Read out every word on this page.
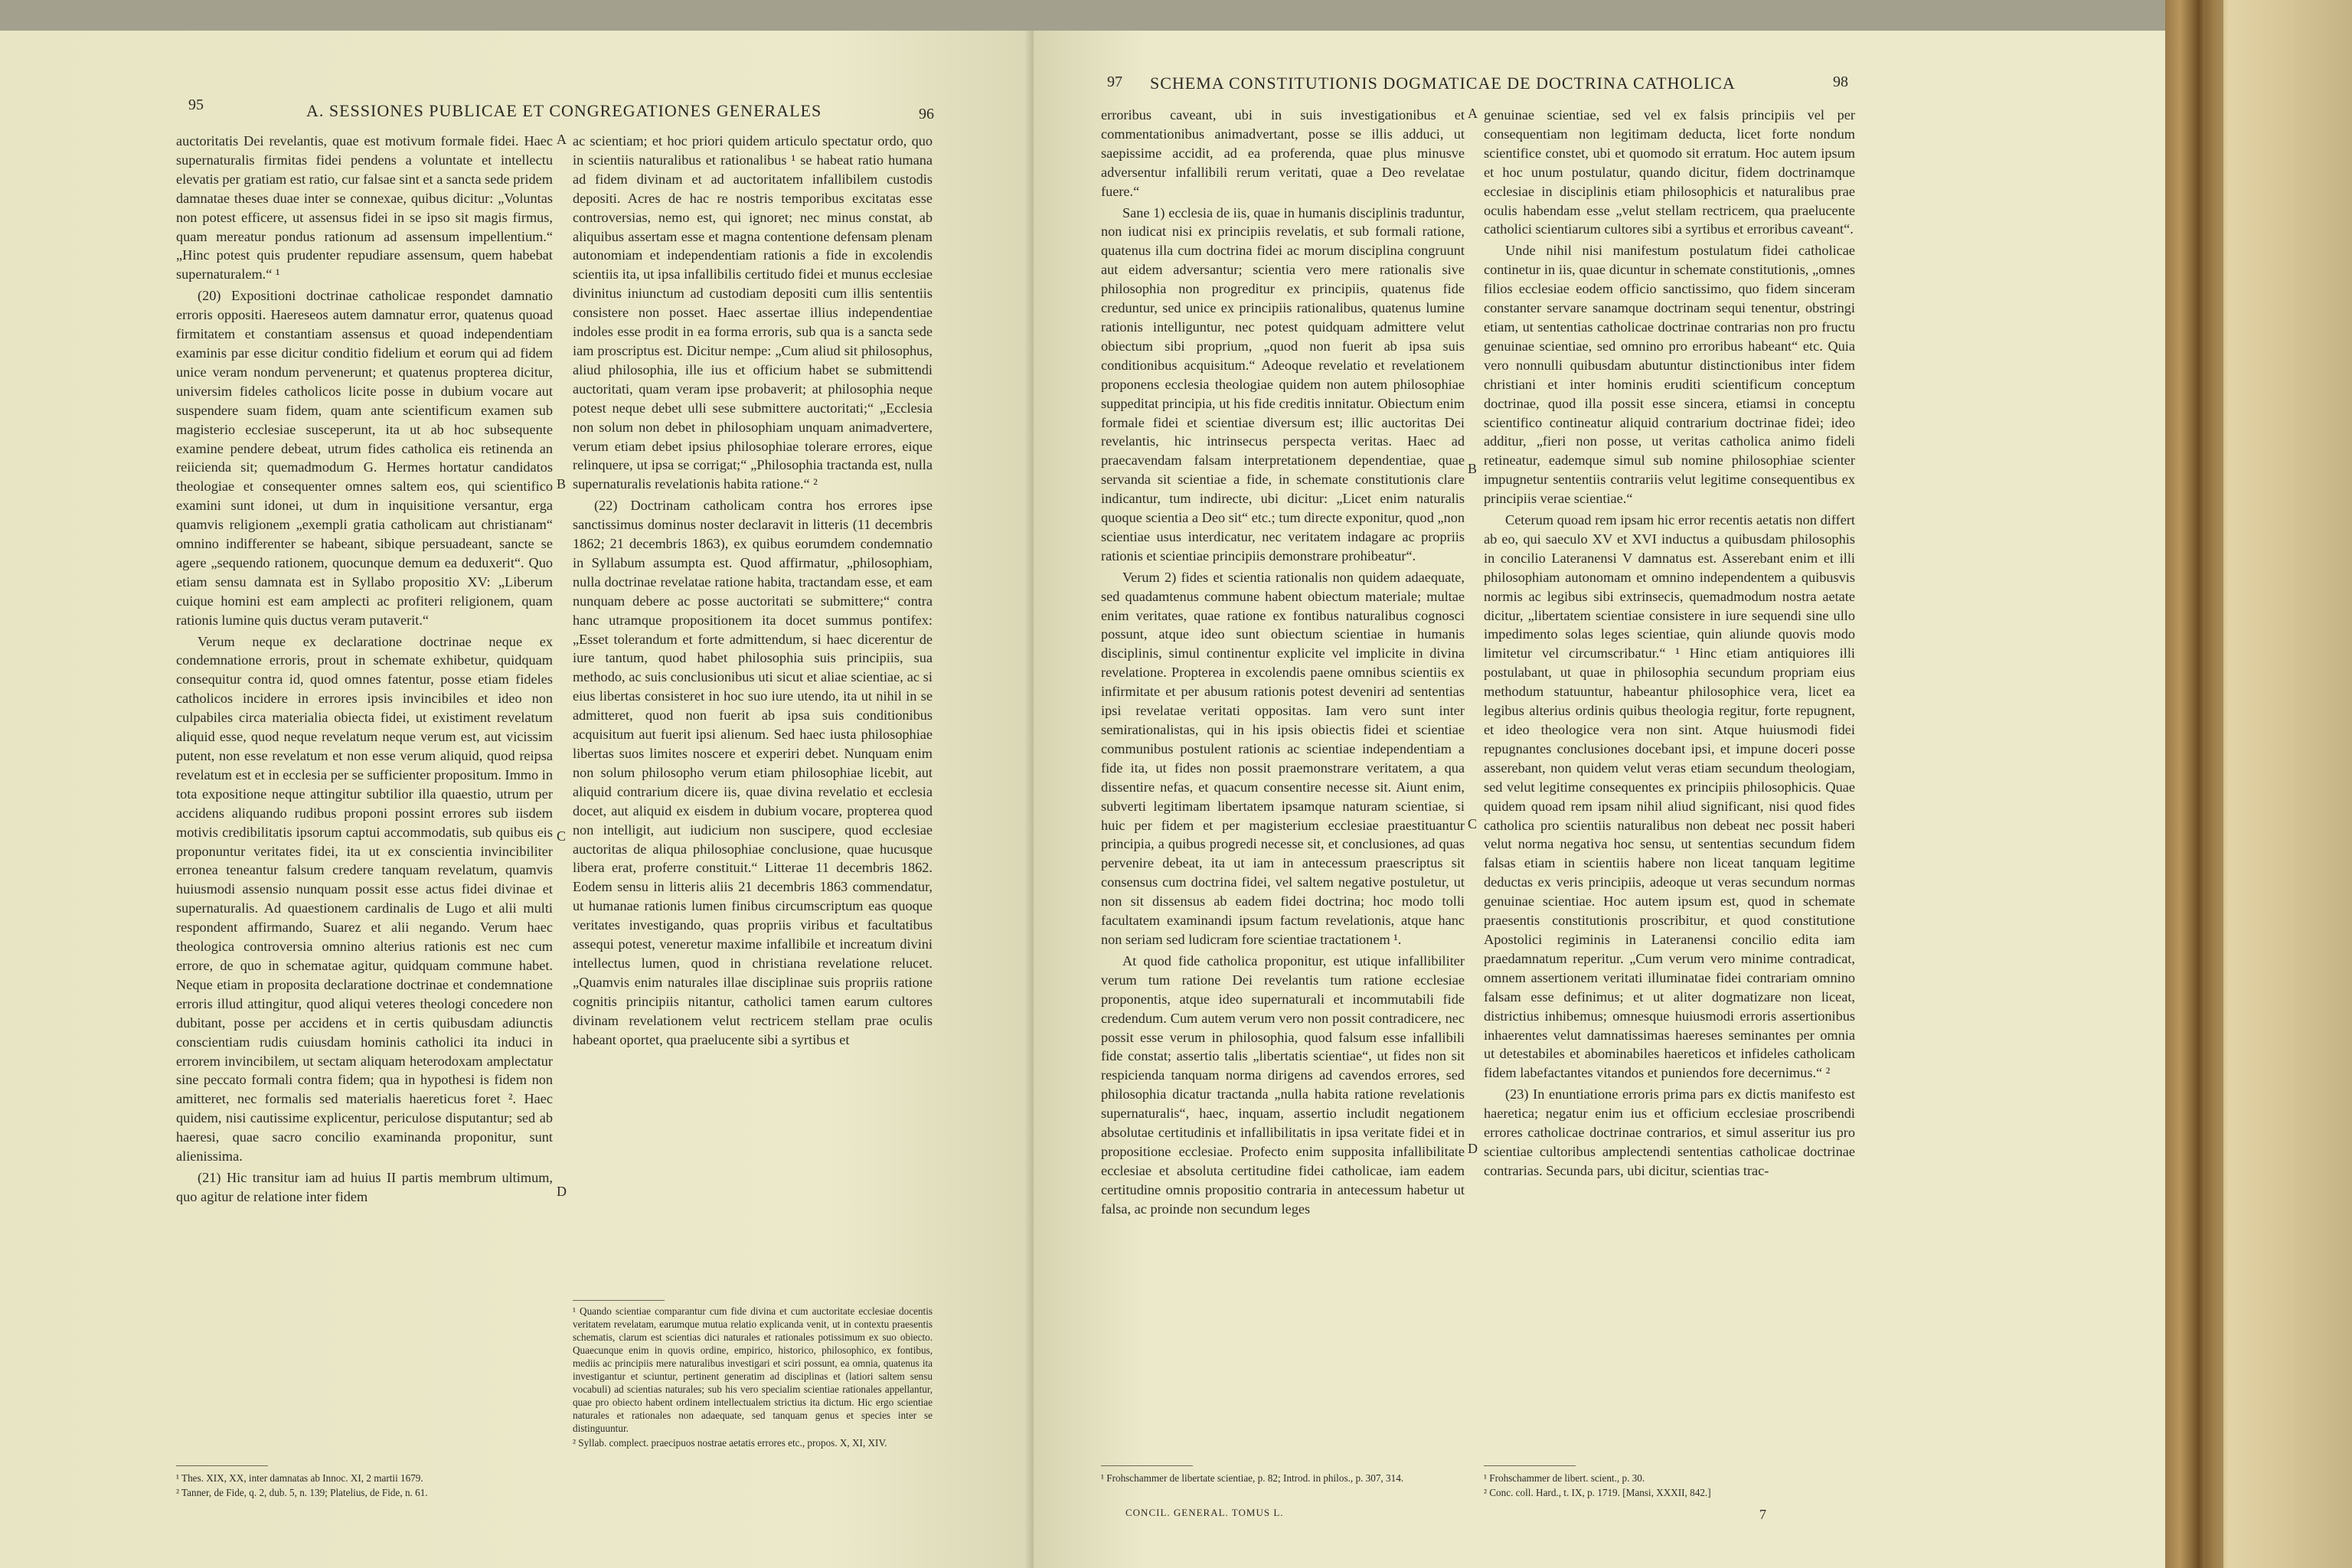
95	A. SESSIONES PUBLICAE ET CONGREGATIONES GENERALES	96

auctoritatis Dei revelantis, quae est motivum formale fidei. Haec supernaturalis firmitas fidei pendens a voluntate et intellectu elevatis per gratiam est ratio, cur falsae sint et a sancta sede pridem damnatae theses duae inter se connexae, quibus dicitur: „Voluntas non potest efficere, ut assensus fidei in se ipso sit magis firmus, quam mereatur pondus rationum ad assensum impellentium.“ „Hinc potest quis prudenter repudiare assensum, quem habebat supernaturalem.“ ¹

(20) Expositioni doctrinae catholicae respondet damnatio erroris oppositi. Haereseos autem damnatur error, quatenus quoad firmitatem et constantiam assensus et quoad independentiam examinis par esse dicitur conditio fidelium et eorum qui ad fidem unice veram nondum pervenerunt; et quatenus propterea dicitur, universim fideles catholicos licite posse in dubium vocare aut suspendere suam fidem, quam ante scientificum examen sub magisterio ecclesiae susceperunt, ita ut ab hoc subsequente examine pendere debeat, utrum fides catholica eis retinenda an reiicienda sit; quemadmodum G. Hermes hortatur candidatos theologiae et consequenter omnes saltem eos, qui scientifico examini sunt idonei, ut dum in inquisitione versantur, erga quamvis religionem „exempli gratia catholicam aut christianam“ omnino indifferenter se habeant, sibique persuadeant, sancte se agere „sequendo rationem, quocunque demum ea deduxerit“. Quo etiam sensu damnata est in Syllabo propositio XV: „Liberum cuique homini est eam amplecti ac profiteri religionem, quam rationis lumine quis ductus veram putaverit.“

Verum neque ex declaratione doctrinae neque ex condemnatione erroris, prout in schemate exhibetur, quidquam consequitur contra id, quod omnes fatentur, posse etiam fideles catholicos incidere in errores ipsis invincibiles et ideo non culpabiles circa materialia obiecta fidei, ut existiment revelatum aliquid esse, quod neque revelatum neque verum est, aut vicissim putent, non esse revelatum et non esse verum aliquid, quod reipsa revelatum est et in ecclesia per se sufficienter propositum. Immo in tota expositione neque attingitur subtilior illa quaestio, utrum per accidens aliquando rudibus proponi possint errores sub iisdem motivis credibilitatis ipsorum captui accommodatis, sub quibus eis proponuntur veritates fidei, ita ut ex conscientia invincibiliter erronea teneantur falsum credere tanquam revelatum, quamvis huiusmodi assensio nunquam possit esse actus fidei divinae et supernaturalis. Ad quaestionem cardinalis de Lugo et alii multi respondent affirmando, Suarez et alii negando. Verum haec theologica controversia omnino alterius rationis est nec cum errore, de quo in schematae agitur, quidquam commune habet. Neque etiam in proposita declaratione doctrinae et condemnatione erroris illud attingitur, quod aliqui veteres theologi concedere non dubitant, posse per accidens et in certis quibusdam adiunctis conscientiam rudis cuiusdam hominis catholici ita induci in errorem invincibilem, ut sectam aliquam heterodoxam amplectatur sine peccato formali contra fidem; qua in hypothesi is fidem non amitteret, nec formalis sed materialis haereticus foret ². Haec quidem, nisi cautissime explicentur, periculose disputantur; sed ab haeresi, quae sacro concilio examinanda proponitur, sunt alienissima.

(21) Hic transitur iam ad huius II partis membrum ultimum, quo agitur de relatione inter fidem

ac scientiam; et hoc priori quidem articulo spectatur ordo, quo in scientiis naturalibus et rationalibus ¹ se habeat ratio humana ad fidem divinam et ad auctoritatem infallibilem custodis depositi. Acres de hac re nostris temporibus excitatas esse controversias, nemo est, qui ignoret; nec minus constat, ab aliquibus assertam esse et magna contentione defensam plenam autonomiam et independentiam rationis a fide in excolendis scientiis ita, ut ipsa infallibilis certitudo fidei et munus ecclesiae divinitus iniunctum ad custodiam depositi cum illis sententiis consistere non posset. Haec assertae illius independentiae indoles esse prodit in ea forma erroris, sub qua is a sancta sede iam proscriptus est. Dicitur nempe: „Cum aliud sit philosophus, aliud philosophia, ille ius et officium habet se submittendi auctoritati, quam veram ipse probaverit; at philosophia neque potest neque debet ulli sese submittere auctoritati;“ „Ecclesia non solum non debet in philosophiam unquam animadvertere, verum etiam debet ipsius philosophiae tolerare errores, eique relinquere, ut ipsa se corrigat;“ „Philosophia tractanda est, nulla supernaturalis revelationis habita ratione.“ ²

(22) Doctrinam catholicam contra hos errores ipse sanctissimus dominus noster declaravit in litteris (11 decembris 1862; 21 decembris 1863), ex quibus eorumdem condemnatio in Syllabum assumpta est. Quod affirmatur, „philosophiam, nulla doctrinae revelatae ratione habita, tractandam esse, et eam nunquam debere ac posse auctoritati se submittere;“ contra hanc utramque propositionem ita docet summus pontifex: „Esset tolerandum et forte admittendum, si haec dicerentur de iure tantum, quod habet philosophia suis principiis, sua methodo, ac suis conclusionibus uti sicut et aliae scientiae, ac si eius libertas consisteret in hoc suo iure utendo, ita ut nihil in se admitteret, quod non fuerit ab ipsa suis conditionibus acquisitum aut fuerit ipsi alienum. Sed haec iusta philosophiae libertas suos limites noscere et experiri debet. Nunquam enim non solum philosopho verum etiam philosophiae licebit, aut aliquid contrarium dicere iis, quae divina revelatio et ecclesia docet, aut aliquid ex eisdem in dubium vocare, propterea quod non intelligit, aut iudicium non suscipere, quod ecclesiae auctoritas de aliqua philosophiae conclusione, quae hucusque libera erat, proferre constituit.“ Litterae 11 decembris 1862. Eodem sensu in litteris aliis 21 decembris 1863 commendatur, ut humanae rationis lumen finibus circumscriptum eas quoque veritates investigando, quas propriis viribus et facultatibus assequi potest, veneretur maxime infallibile et increatum divini intellectus lumen, quod in christiana revelatione relucet. „Quamvis enim naturales illae disciplinae suis propriis ratione cognitis principiis nitantur, catholici tamen earum cultores divinam revelationem velut rectricem stellam prae oculis habeant oportet, qua praelucente sibi a syrtibus et

A
B
C
D

¹ Thes. XIX, XX, inter damnatas ab Innoc. XI, 2 martii 1679.

² Tanner, de Fide, q. 2, dub. 5, n. 139; Platelius, de Fide, n. 61.

¹ Quando scientiae comparantur cum fide divina et cum auctoritate ecclesiae docentis veritatem revelatam, earumque mutua relatio explicanda venit, ut in contextu praesentis schematis, clarum est scientias dici naturales et rationales potissimum ex suo obiecto. Quaecunque enim in quovis ordine, empirico, historico, philosophico, ex fontibus, mediis ac principiis mere naturalibus investigari et sciri possunt, ea omnia, quatenus ita investigantur et sciuntur, pertinent generatim ad disciplinas et (latiori saltem sensu vocabuli) ad scientias naturales; sub his vero specialim scientiae rationales appellantur, quae pro obiecto habent ordinem intellectualem strictius ita dictum. Hic ergo scientiae naturales et rationales non adaequate, sed tanquam genus et species inter se distinguuntur.

² Syllab. complect. praecipuos nostrae aetatis errores etc., propos. X, XI, XIV.

97 SCHEMA CONSTITUTIONIS DOGMATICAE DE DOCTRINA CATHOLICA	98

erroribus caveant, ubi in suis investigationibus et commentationibus animadvertant, posse se illis adduci, ut saepissime accidit, ad ea proferenda, quae plus minusve adversentur infallibili rerum veritati, quae a Deo revelatae fuere.“

Sane 1) ecclesia de iis, quae in humanis disciplinis traduntur, non iudicat nisi ex principiis revelatis, et sub formali ratione, quatenus illa cum doctrina fidei ac morum disciplina congruunt aut eidem adversantur; scientia vero mere rationalis sive philosophia non progreditur ex principiis, quatenus fide creduntur, sed unice ex principiis rationalibus, quatenus lumine rationis intelliguntur, nec potest quidquam admittere velut obiectum sibi proprium, „quod non fuerit ab ipsa suis conditionibus acquisitum.“ Adeoque revelatio et revelationem proponens ecclesia theologiae quidem non autem philosophiae suppeditat principia, ut his fide creditis innitatur. Obiectum enim formale fidei et scientiae diversum est; illic auctoritas Dei revelantis, hic intrinsecus perspecta veritas. Haec ad praecavendam falsam interpretationem dependentiae, quae servanda sit scientiae a fide, in schemate constitutionis clare indicantur, tum indirecte, ubi dicitur: „Licet enim naturalis quoque scientia a Deo sit“ etc.; tum directe exponitur, quod „non scientiae usus interdicatur, nec veritatem indagare ac propriis rationis et scientiae principiis demonstrare prohibeatur“.

Verum 2) fides et scientia rationalis non quidem adaequate, sed quadamtenus commune habent obiectum materiale; multae enim veritates, quae ratione ex fontibus naturalibus cognosci possunt, atque ideo sunt obiectum scientiae in humanis disciplinis, simul continentur explicite vel implicite in divina revelatione. Propterea in excolendis paene omnibus scientiis ex infirmitate et per abusum rationis potest deveniri ad sententias ipsi revelatae veritati oppositas. Iam vero sunt inter semirationalistas, qui in his ipsis obiectis fidei et scientiae communibus postulent rationis ac scientiae independentiam a fide ita, ut fides non possit praemonstrare veritatem, a qua dissentire nefas, et quacum consentire necesse sit. Aiunt enim, subverti legitimam libertatem ipsamque naturam scientiae, si huic per fidem et per magisterium ecclesiae praestituantur principia, a quibus progredi necesse sit, et conclusiones, ad quas pervenire debeat, ita ut iam in antecessum praescriptus sit consensus cum doctrina fidei, vel saltem negative postuletur, ut non sit dissensus ab eadem fidei doctrina; hoc modo tolli facultatem examinandi ipsum factum revelationis, atque hanc non seriam sed ludicram fore scientiae tractationem ¹.

At quod fide catholica proponitur, est utique infallibiliter verum tum ratione Dei revelantis tum ratione ecclesiae proponentis, atque ideo supernaturali et incommutabili fide credendum. Cum autem verum vero non possit contradicere, nec possit esse verum in philosophia, quod falsum esse infallibili fide constat; assertio talis „libertatis scientiae“, ut fides non sit respicienda tanquam norma dirigens ad cavendos errores, sed philosophia dicatur tractanda „nulla habita ratione revelationis supernaturalis“, haec, inquam, assertio includit negationem absolutae certitudinis et infallibilitatis in ipsa veritate fidei et in propositione ecclesiae. Profecto enim supposita infallibilitate ecclesiae et absoluta certitudine fidei catholicae, iam eadem certitudine omnis propositio contraria in antecessum habetur ut falsa, ac proinde non secundum leges

genuinae scientiae, sed vel ex falsis principiis vel per consequentiam non legitimam deducta, licet forte nondum scientifice constet, ubi et quomodo sit erratum. Hoc autem ipsum et hoc unum postulatur, quando dicitur, fidem doctrinamque ecclesiae in disciplinis etiam philosophicis et naturalibus prae oculis habendam esse „velut stellam rectricem, qua praelucente catholici scientiarum cultores sibi a syrtibus et erroribus caveant“.

Unde nihil nisi manifestum postulatum fidei catholicae continetur in iis, quae dicuntur in schemate constitutionis, „omnes filios ecclesiae eodem officio sanctissimo, quo fidem sinceram constanter servare sanamque doctrinam sequi tenentur, obstringi etiam, ut sententias catholicae doctrinae contrarias non pro fructu genuinae scientiae, sed omnino pro erroribus habeant“ etc. Quia vero nonnulli quibusdam abutuntur distinctionibus inter fidem christiani et inter hominis eruditi scientificum conceptum doctrinae, quod illa possit esse sincera, etiamsi in conceptu scientifico contineatur aliquid contrarium doctrinae fidei; ideo additur, „fieri non posse, ut veritas catholica animo fideli retineatur, eademque simul sub nomine philosophiae scienter impugnetur sententiis contrariis velut legitime consequentibus ex principiis verae scientiae.“

Ceterum quoad rem ipsam hic error recentis aetatis non differt ab eo, qui saeculo XV et XVI inductus a quibusdam philosophis in concilio Lateranensi V damnatus est. Asserebant enim et illi philosophiam autonomam et omnino independentem a quibusvis normis ac legibus sibi extrinsecis, quemadmodum nostra aetate dicitur, „libertatem scientiae consistere in iure sequendi sine ullo impedimento solas leges scientiae, quin aliunde quovis modo limitetur vel circumscribatur.“ ¹ Hinc etiam antiquiores illi postulabant, ut quae in philosophia secundum propriam eius methodum statuuntur, habeantur philosophice vera, licet ea legibus alterius ordinis quibus theologia regitur, forte repugnent, et ideo theologice vera non sint. Atque huiusmodi fidei repugnantes conclusiones docebant ipsi, et impune doceri posse asserebant, non quidem velut veras etiam secundum theologiam, sed velut legitime consequentes ex principiis philosophicis. Quae quidem quoad rem ipsam nihil aliud significant, nisi quod fides catholica pro scientiis naturalibus non debeat nec possit haberi velut norma negativa hoc sensu, ut sententias secundum fidem falsas etiam in scientiis habere non liceat tanquam legitime deductas ex veris principiis, adeoque ut veras secundum normas genuinae scientiae. Hoc autem ipsum est, quod in schemate praesentis constitutionis proscribitur, et quod constitutione Apostolici regiminis in Lateranensi concilio edita iam praedamnatum reperitur. „Cum verum vero minime contradicat, omnem assertionem veritati illuminatae fidei contrariam omnino falsam esse definimus; et ut aliter dogmatizare non liceat, districtius inhibemus; omnesque huiusmodi erroris assertionibus inhaerentes velut damnatissimas haereses seminantes per omnia ut detestabiles et abominabiles haereticos et infideles catholicam fidem labefactantes vitandos et puniendos fore decernimus.“ ²

(23) In enuntiatione erroris prima pars ex dictis manifesto est haeretica; negatur enim ius et officium ecclesiae proscribendi errores catholicae doctrinae contrarios, et simul asseritur ius pro scientiae cultoribus amplectendi sententias catholicae doctrinae contrarias. Secunda pars, ubi dicitur, scientias trac-

A
B
C
D

¹ Frohschammer de libertate scientiae, p. 82; Introd. in philos., p. 307, 314.

CONCIL. GENERAL. TOMUS L.

¹ Frohschammer de libert. scient., p. 30.

² Conc. coll. Hard., t. IX, p. 1719. [Mansi, XXXII, 842.]

7
